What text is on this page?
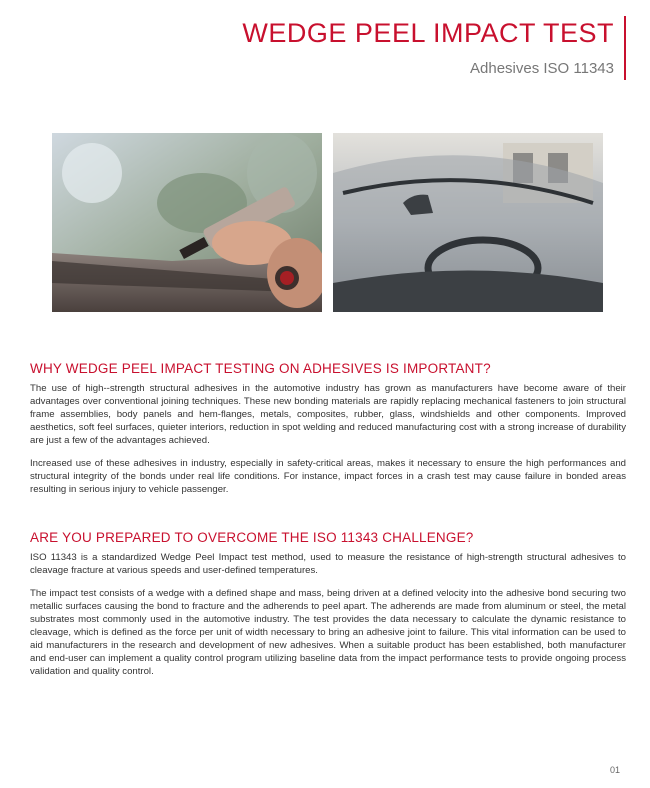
WEDGE PEEL IMPACT TEST
Adhesives ISO 11343
WHY WEDGE PEEL IMPACT TESTING ON ADHESIVES IS IMPORTANT?

The use of high--strength structural adhesives in the automotive industry has grown as manufacturers have become aware of their advantages over conventional joining techniques. These new bonding materials are rapidly replacing mechanical fasteners to join structural frame assemblies, body panels and hem-flanges, metals, composites, rubber, glass, windshields and other components. Improved aesthetics, soft feel surfaces, quieter interiors, reduction in spot welding and reduced manufacturing cost with a strong increase of durability are just a few of the advantages achieved.

Increased use of these adhesives in industry, especially in safety-critical areas, makes it necessary to ensure the high performances and structural integrity of the bonds under real life conditions. For instance, impact forces in a crash test may cause failure in bonded areas resulting in serious injury to vehicle passenger.

ARE YOU PREPARED TO OVERCOME THE ISO 11343 CHALLENGE?

ISO 11343 is a standardized Wedge Peel Impact test method, used to measure the resistance of high-strength structural adhesives to cleavage fracture at various speeds and user-defined temperatures.

The impact test consists of a wedge with a defined shape and mass, being driven at a defined velocity into the adhesive bond securing two metallic surfaces causing the bond to fracture and the adherends to peel apart. The adherends are made from aluminum or steel, the metal substrates most commonly used in the automotive industry. The test provides the data necessary to calculate the dynamic resistance to cleavage, which is defined as the force per unit of width necessary to bring an adhesive joint to failure. This vital information can be used to aid manufacturers in the research and development of new adhesives. When a suitable product has been established, both manufacturer and end-user can implement a quality control program utilizing baseline data from the impact performance tests to provide ongoing process validation and quality control.

01
